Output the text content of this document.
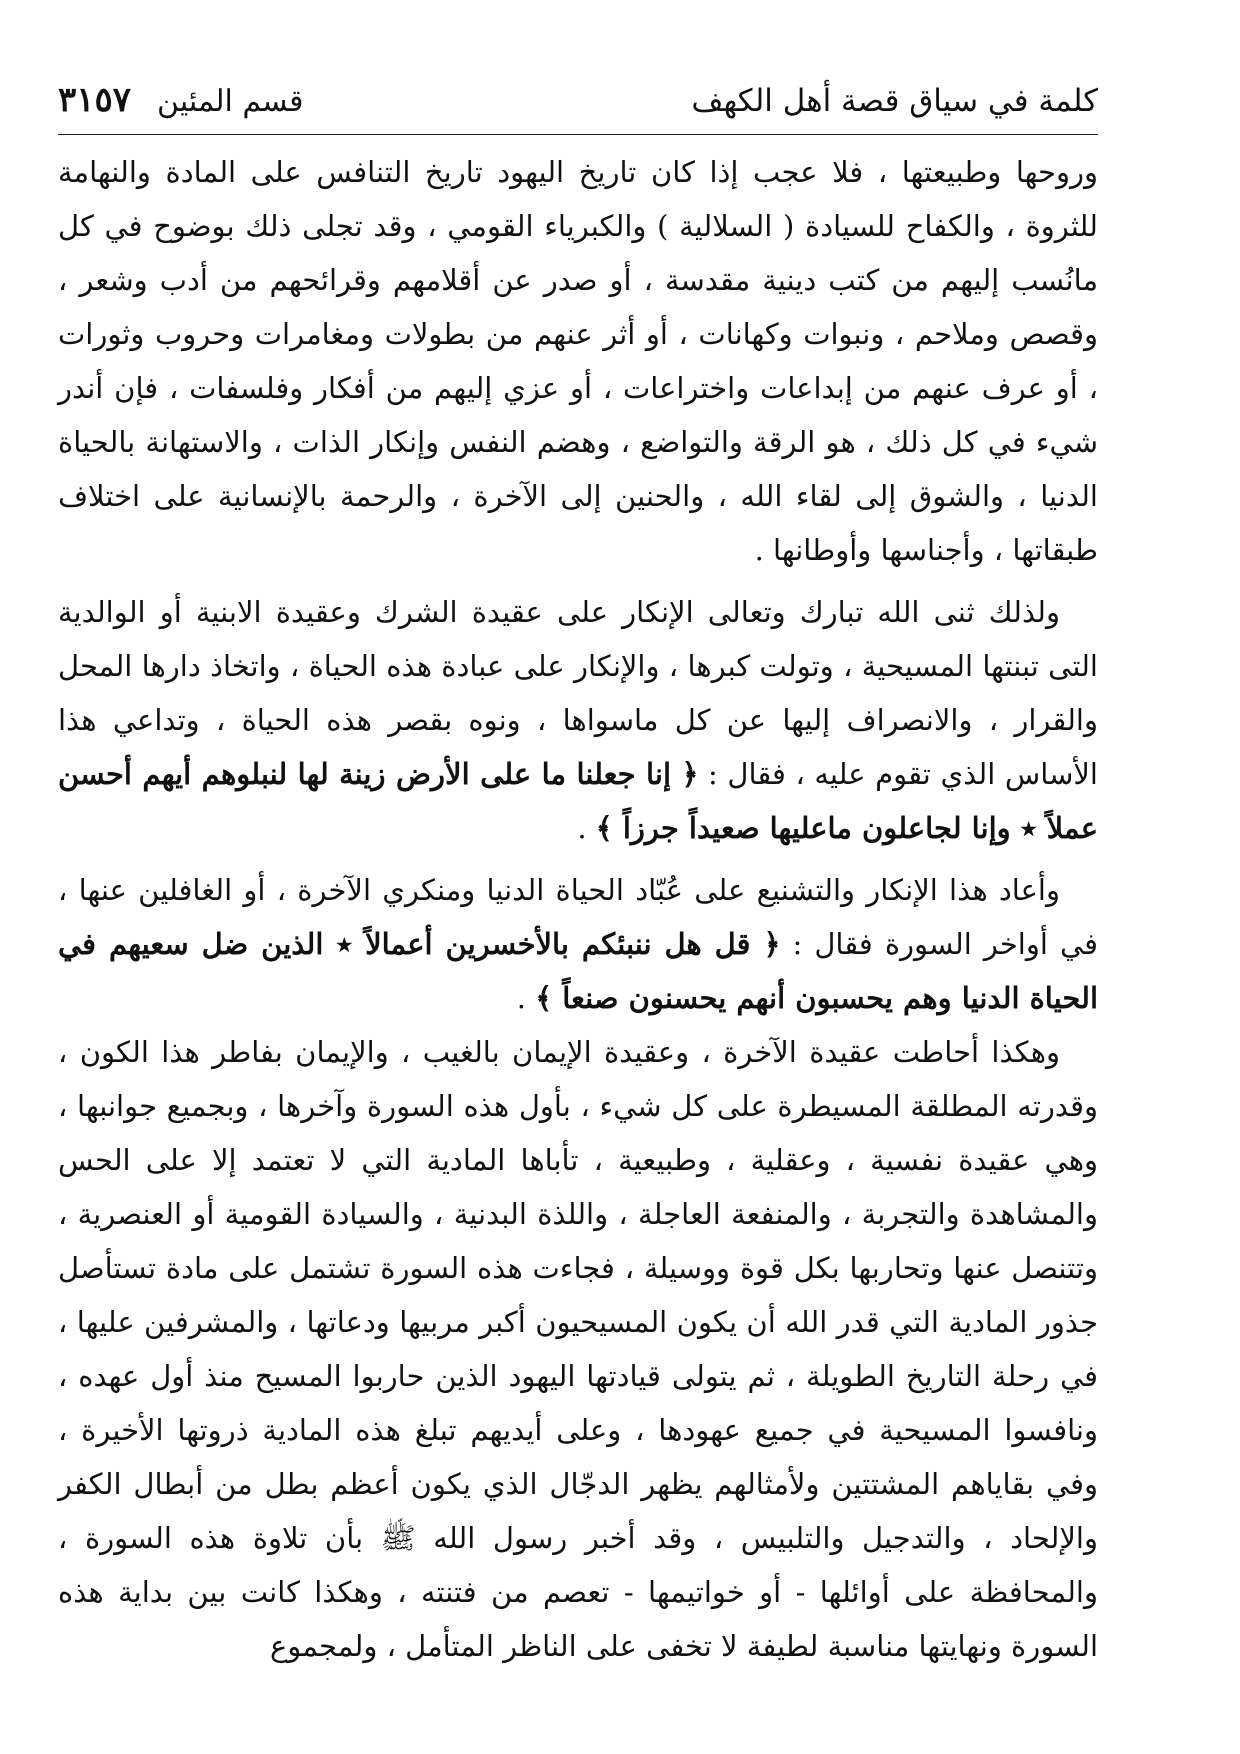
كلمة في سياق قصة أهل الكهف
قسم المئين
٣١٥٧

وروحها وطبيعتها ، فلا عجب إذا كان تاريخ اليهود تاريخ التنافس على المادة والنهامة للثروة ، والكفاح للسيادة ( السلالية ) والكبرياء القومي ، وقد تجلى ذلك بوضوح في كل مانُسب إليهم من كتب دينية مقدسة ، أو صدر عن أقلامهم وقرائحهم من أدب وشعر ، وقصص وملاحم ، ونبوات وكهانات ، أو أثر عنهم من بطولات ومغامرات وحروب وثورات ، أو عرف عنهم من إبداعات واختراعات ، أو عزي إليهم من أفكار وفلسفات ، فإن أندر شيء في كل ذلك ، هو الرقة والتواضع ، وهضم النفس وإنكار الذات ، والاستهانة بالحياة الدنيا ، والشوق إلى لقاء الله ، والحنين إلى الآخرة ، والرحمة بالإنسانية على اختلاف طبقاتها ، وأجناسها وأوطانها .

ولذلك ثنى الله تبارك وتعالى الإنكار على عقيدة الشرك وعقيدة الابنية أو الوالدية التى تبنتها المسيحية ، وتولت كبرها ، والإنكار على عبادة هذه الحياة ، واتخاذ دارها المحل والقرار ، والانصراف إليها عن كل ماسواها ، ونوه بقصر هذه الحياة ، وتداعي هذا الأساس الذي تقوم عليه ، فقال : ﴿ إنا جعلنا ما على الأرض زينة لها لنبلوهم أيهم أحسن عملاً ٭ وإنا لجاعلون ماعليها صعيداً جرزاً ﴾ .

وأعاد هذا الإنكار والتشنيع على عُبّاد الحياة الدنيا ومنكري الآخرة ، أو الغافلين عنها ، في أواخر السورة فقال : ﴿ قل هل ننبئكم بالأخسرين أعمالاً ٭ الذين ضل سعيهم في الحياة الدنيا وهم يحسبون أنهم يحسنون صنعاً ﴾ .

وهكذا أحاطت عقيدة الآخرة ، وعقيدة الإيمان بالغيب ، والإيمان بفاطر هذا الكون ، وقدرته المطلقة المسيطرة على كل شيء ، بأول هذه السورة وآخرها ، وبجميع جوانبها ، وهي عقيدة نفسية ، وعقلية ، وطبيعية ، تأباها المادية التي لا تعتمد إلا على الحس والمشاهدة والتجربة ، والمنفعة العاجلة ، واللذة البدنية ، والسيادة القومية أو العنصرية ، وتتنصل عنها وتحاربها بكل قوة ووسيلة ، فجاءت هذه السورة تشتمل على مادة تستأصل جذور المادية التي قدر الله أن يكون المسيحيون أكبر مربيها ودعاتها ، والمشرفين عليها ، في رحلة التاريخ الطويلة ، ثم يتولى قيادتها اليهود الذين حاربوا المسيح منذ أول عهده ، ونافسوا المسيحية في جميع عهودها ، وعلى أيديهم تبلغ هذه المادية ذروتها الأخيرة ، وفي بقاياهم المشتتين ولأمثالهم يظهر الدجّال الذي يكون أعظم بطل من أبطال الكفر والإلحاد ، والتدجيل والتلبيس ، وقد أخبر رسول الله ﷺ بأن تلاوة هذه السورة ، والمحافظة على أوائلها - أو خواتيمها - تعصم من فتنته ، وهكذا كانت بين بداية هذه السورة ونهايتها مناسبة لطيفة لا تخفى على الناظر المتأمل ، ولمجموع
